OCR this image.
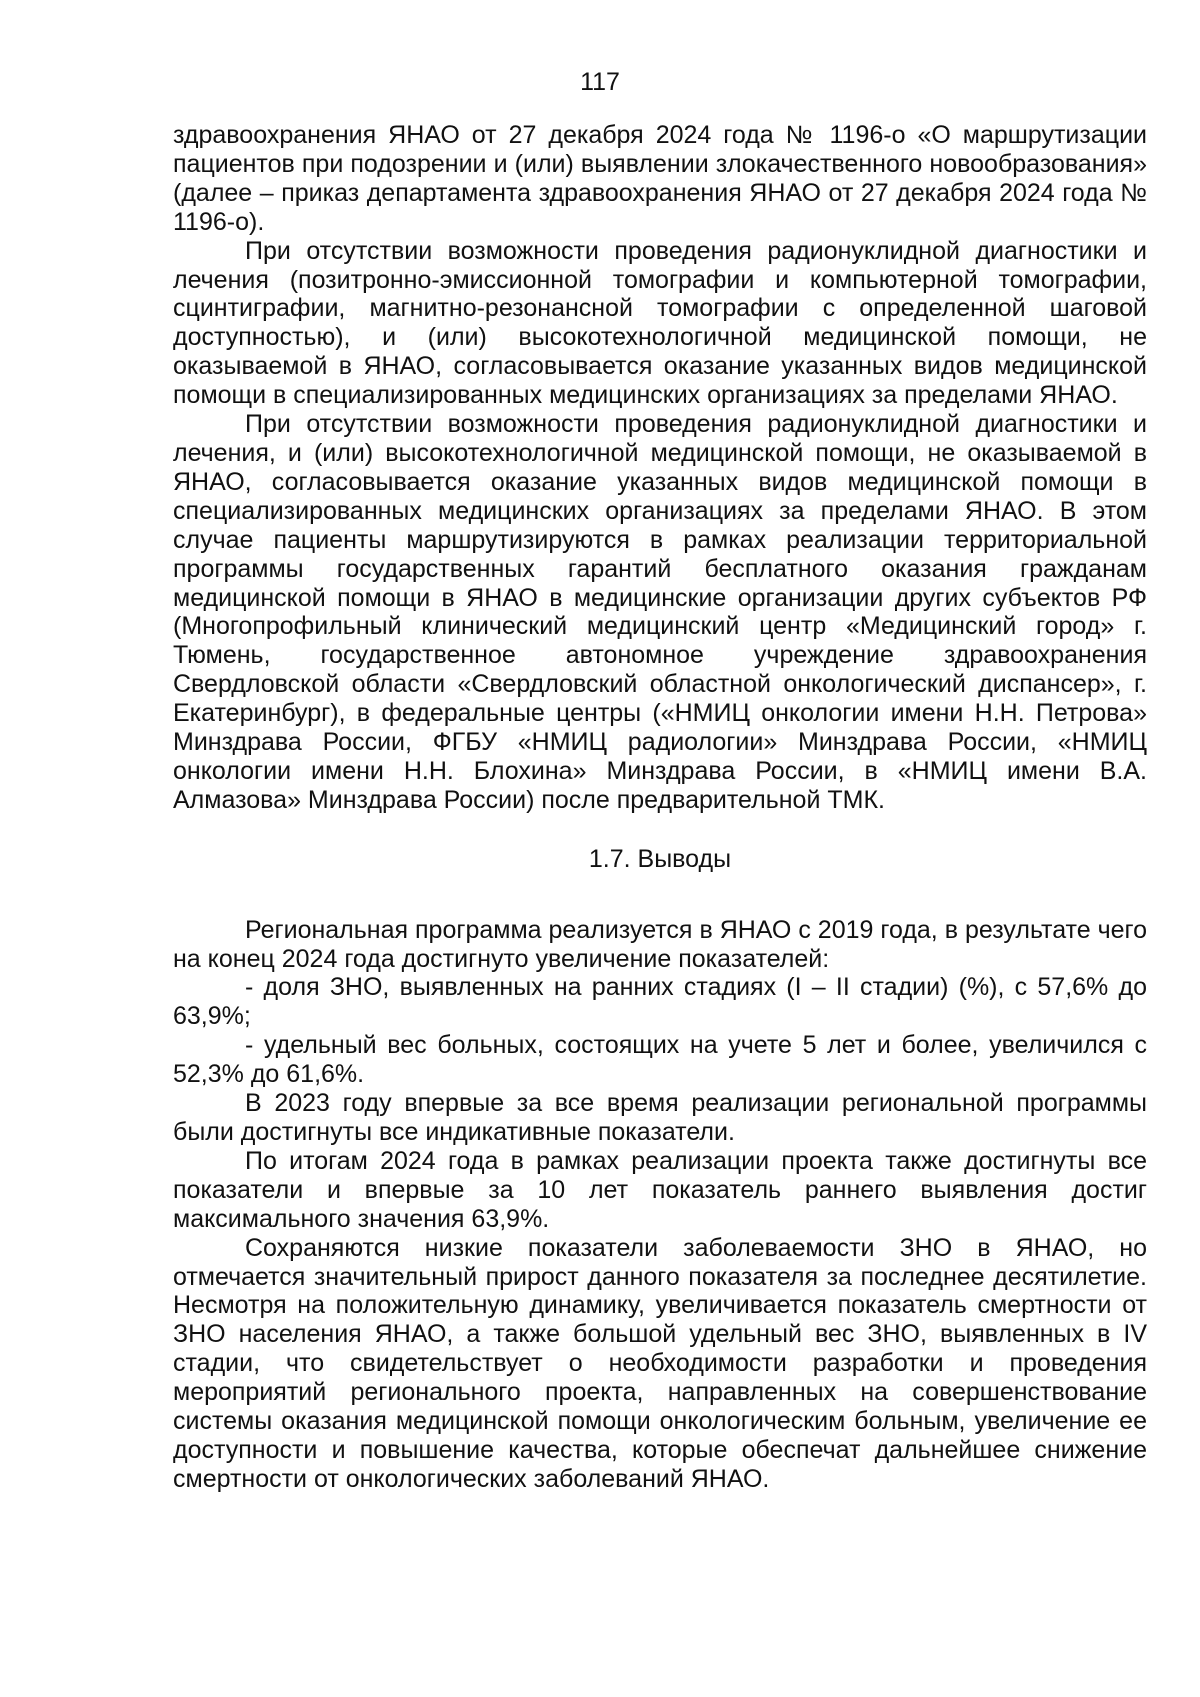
117

здравоохранения ЯНАО от 27 декабря 2024 года № 1196-о «О маршрутизации пациентов при подозрении и (или) выявлении злокачественного новообразования» (далее – приказ департамента здравоохранения ЯНАО от 27 декабря 2024 года № 1196-о).

При отсутствии возможности проведения радионуклидной диагностики и лечения (позитронно-эмиссионной томографии и компьютерной томографии, сцинтиграфии, магнитно-резонансной томографии с определенной шаговой доступностью), и (или) высокотехнологичной медицинской помощи, не оказываемой в ЯНАО, согласовывается оказание указанных видов медицинской помощи в специализированных медицинских организациях за пределами ЯНАО.

При отсутствии возможности проведения радионуклидной диагностики и лечения, и (или) высокотехнологичной медицинской помощи, не оказываемой в ЯНАО, согласовывается оказание указанных видов медицинской помощи в специализированных медицинских организациях за пределами ЯНАО. В этом случае пациенты маршрутизируются в рамках реализации территориальной программы государственных гарантий бесплатного оказания гражданам медицинской помощи в ЯНАО в медицинские организации других субъектов РФ (Многопрофильный клинический медицинский центр «Медицинский город» г. Тюмень, государственное автономное учреждение здравоохранения Свердловской области «Свердловский областной онкологический диспансер», г. Екатеринбург), в федеральные центры («НМИЦ онкологии имени Н.Н. Петрова» Минздрава России, ФГБУ «НМИЦ радиологии» Минздрава России, «НМИЦ онкологии имени Н.Н. Блохина» Минздрава России, в «НМИЦ имени В.А. Алмазова» Минздрава России) после предварительной ТМК.

1.7. Выводы

Региональная программа реализуется в ЯНАО с 2019 года, в результате чего на конец 2024 года достигнуто увеличение показателей:

- доля ЗНО, выявленных на ранних стадиях (I – II стадии) (%), с 57,6% до 63,9%;

- удельный вес больных, состоящих на учете 5 лет и более, увеличился с 52,3% до 61,6%.

В 2023 году впервые за все время реализации региональной программы были достигнуты все индикативные показатели.

По итогам 2024 года в рамках реализации проекта также достигнуты все показатели и впервые за 10 лет показатель раннего выявления достиг максимального значения 63,9%.

Сохраняются низкие показатели заболеваемости ЗНО в ЯНАО, но отмечается значительный прирост данного показателя за последнее десятилетие. Несмотря на положительную динамику, увеличивается показатель смертности от ЗНО населения ЯНАО, а также большой удельный вес ЗНО, выявленных в IV стадии, что свидетельствует о необходимости разработки и проведения мероприятий регионального проекта, направленных на совершенствование системы оказания медицинской помощи онкологическим больным, увеличение ее доступности и повышение качества, которые обеспечат дальнейшее снижение смертности от онкологических заболеваний ЯНАО.
